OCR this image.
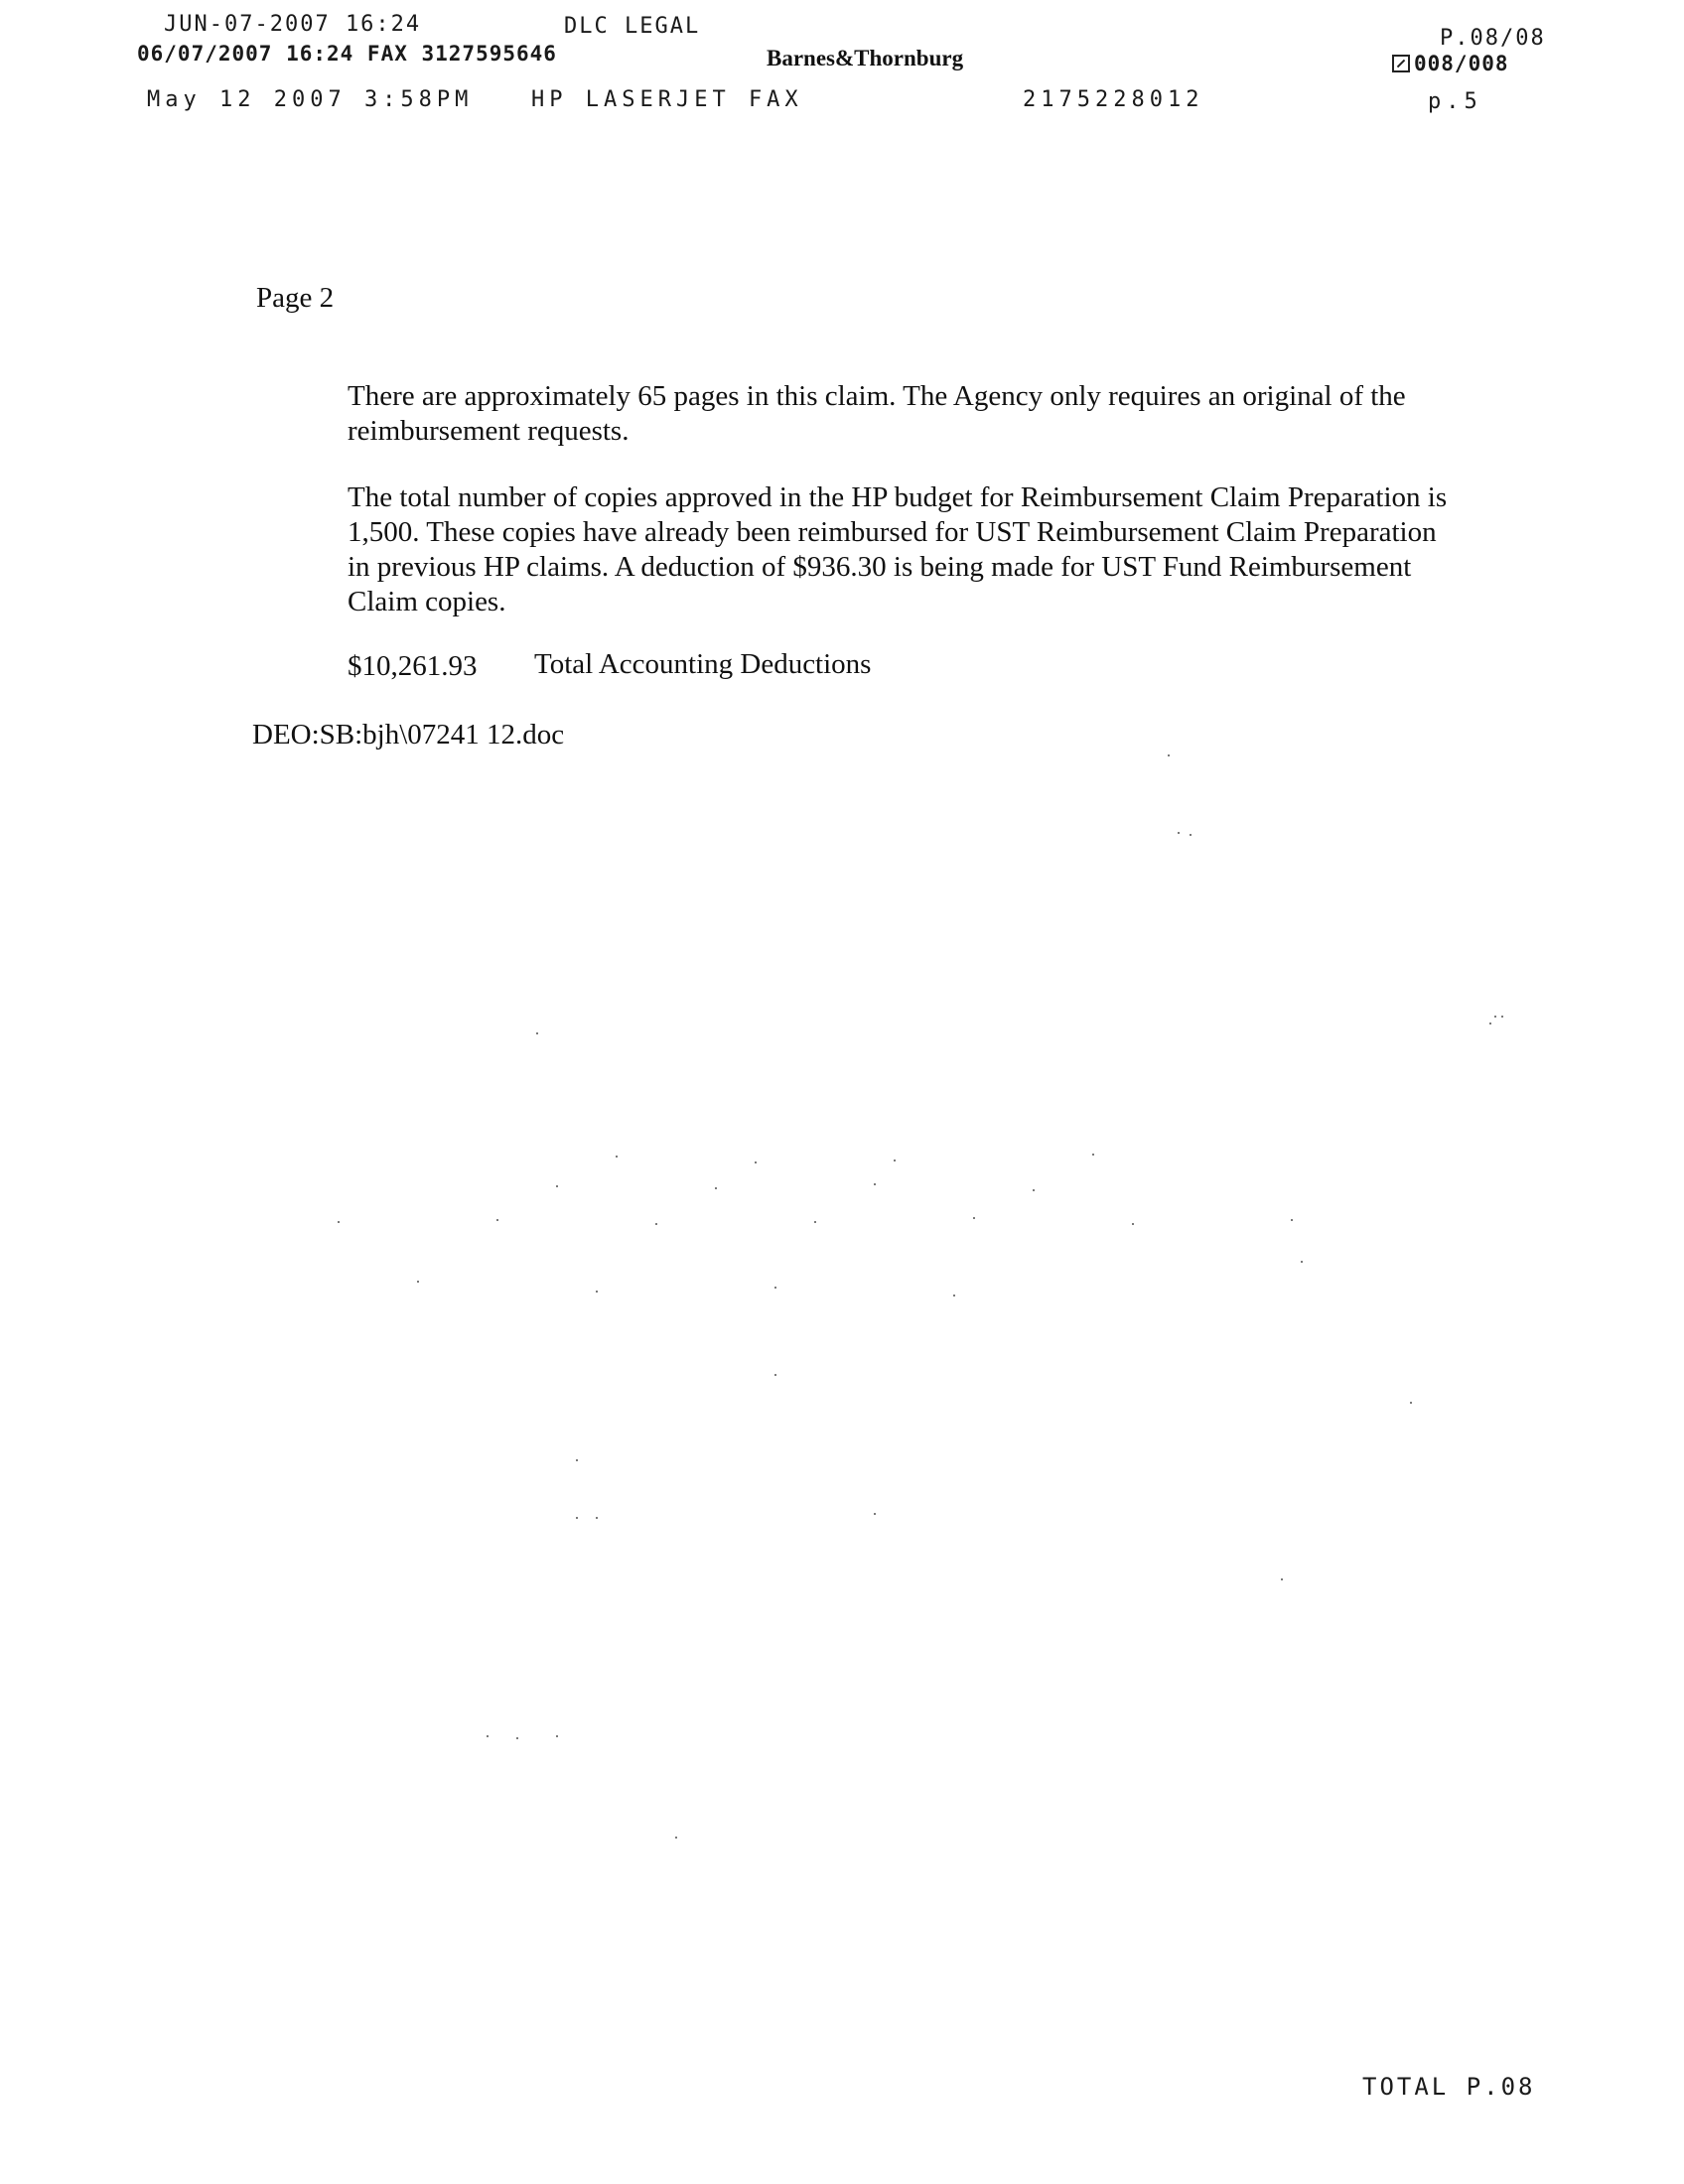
JUN-07-2007 16:24	DLC LEGAL	P.08/08
06/07/2007 16:24 FAX 3127595646	Barnes&Thornburg	008/008
May 12 2007 3:58PM	HP LASERJET FAX	2175228012	p.5
Page 2

There are approximately 65 pages in this claim. The Agency only requires an original of the reimbursement requests.

The total number of copies approved in the HP budget for Reimbursement Claim Preparation is 1,500. These copies have already been reimbursed for UST Reimbursement Claim Preparation in previous HP claims. A deduction of $936.30 is being made for UST Fund Reimbursement Claim copies.

$10,261.93 Total Accounting Deductions
DEO:SB:bjh\07241 12.doc
TOTAL P.08
